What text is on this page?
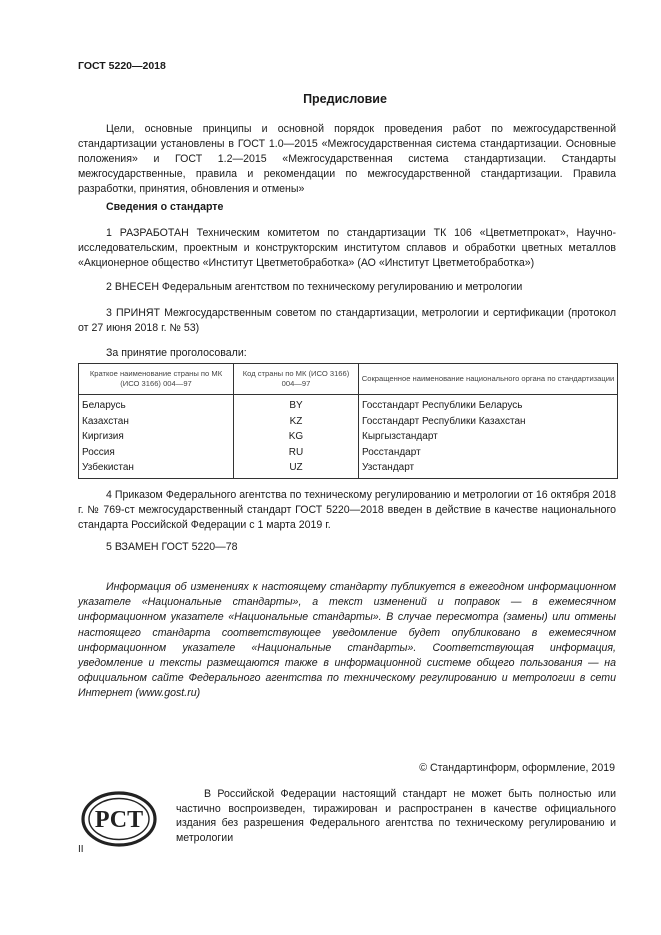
ГОСТ 5220—2018
Предисловие
Цели, основные принципы и основной порядок проведения работ по межгосударственной стандартизации установлены в ГОСТ 1.0—2015 «Межгосударственная система стандартизации. Основные положения» и ГОСТ 1.2—2015 «Межгосударственная система стандартизации. Стандарты межгосударственные, правила и рекомендации по межгосударственной стандартизации. Правила разработки, принятия, обновления и отмены»
Сведения о стандарте
1 РАЗРАБОТАН Техническим комитетом по стандартизации ТК 106 «Цветметпрокат», Научно-исследовательским, проектным и конструкторским институтом сплавов и обработки цветных металлов «Акционерное общество «Институт Цветметобработка» (АО «Институт Цветметобработка»)
2 ВНЕСЕН Федеральным агентством по техническому регулированию и метрологии
3 ПРИНЯТ Межгосударственным советом по стандартизации, метрологии и сертификации (протокол от 27 июня 2018 г. № 53)
За принятие проголосовали:
Краткое наименование страны по МК (ИСО 3166) 004—97	Код страны по МК (ИСО 3166) 004—97	Сокращенное наименование национального органа по стандартизации
Беларусь	BY	Госстандарт Республики Беларусь
Казахстан	KZ	Госстандарт Республики Казахстан
Киргизия	KG	Кыргызстандарт
Россия	RU	Росстандарт
Узбекистан	UZ	Узстандарт
4 Приказом Федерального агентства по техническому регулированию и метрологии от 16 октября 2018 г. № 769-ст межгосударственный стандарт ГОСТ 5220—2018 введен в действие в качестве национального стандарта Российской Федерации с 1 марта 2019 г.
5 ВЗАМЕН ГОСТ 5220—78
Информация об изменениях к настоящему стандарту публикуется в ежегодном информационном указателе «Национальные стандарты», а текст изменений и поправок — в ежемесячном информационном указателе «Национальные стандарты». В случае пересмотра (замены) или отмены настоящего стандарта соответствующее уведомление будет опубликовано в ежемесячном информационном указателе «Национальные стандарты». Соответствующая информация, уведомление и тексты размещаются также в информационной системе общего пользования — на официальном сайте Федерального агентства по техническому регулированию и метрологии в сети Интернет (www.gost.ru)
© Стандартинформ, оформление, 2019
РСТ
В Российской Федерации настоящий стандарт не может быть полностью или частично воспроизведен, тиражирован и распространен в качестве официального издания без разрешения Федерального агентства по техническому регулированию и метрологии
II
